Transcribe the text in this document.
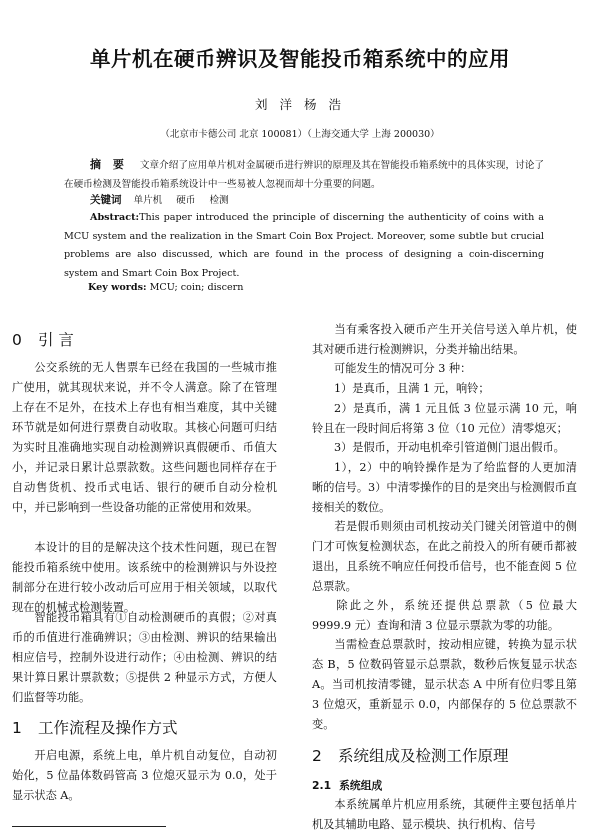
单片机在硬币辨识及智能投币箱系统中的应用
刘 洋 杨 浩
（北京市卡德公司 北京 100081）（上海交通大学 上海 200030）
摘 要 文章介绍了应用单片机对金属硬币进行辨识的原理及其在智能投币箱系统中的具体实现，讨论了在硬币检测及智能投币箱系统设计中一些易被人忽视而却十分重要的问题。
关键词 单片机 硬币 检测
Abstract:This paper introduced the principle of discerning the authenticity of coins with a MCU system and the realization in the Smart Coin Box Project. Moreover, some subtle but crucial problems are also discussed, which are found in the process of designing a coin-discerning system and Smart Coin Box Project.
Key words: MCU; coin; discern
0 引 言
公交系统的无人售票车已经在我国的一些城市推广使用，就其现状来说，并不令人满意。除了在管理上存在不足外，在技术上存也有相当难度，其中关键环节就是如何进行票费自动收取。其核心问题可归结为实时且准确地实现自动检测辨识真假硬币、币值大小，并记录日累计总票款数。这些问题也同样存在于自动售货机、投币式电话、银行的硬币自动分检机中，并已影响到一些设备功能的正常使用和效果。
本设计的目的是解决这个技术性问题，现已在智能投币箱系统中使用。该系统中的检测辨识与外设控制部分在进行较小改动后可应用于相关领域，以取代现在的机械式检测装置。
智能投币箱具有①自动检测硬币的真假；②对真币的币值进行准确辨识；③由检测、辨识的结果输出相应信号，控制外设进行动作；④由检测、辨识的结果计算日累计票款数；⑤提供 2 种显示方式，方便人们监督等功能。
1 工作流程及操作方式
开启电源，系统上电，单片机自动复位，自动初始化，5 位晶体数码管高 3 位熄灭显示为 0.0，处于显示状态 A。
当有乘客投入硬币产生开关信号送入单片机，使其对硬币进行检测辨识，分类并输出结果。
可能发生的情况可分 3 种：
1）是真币，且满 1 元，响铃；
2）是真币，满 1 元且低 3 位显示满 10 元，响铃且在一段时间后将第 3 位（10 元位）清零熄灭；
3）是假币，开动电机牵引管道侧门退出假币。
1），2）中的响铃操作是为了给监督的人更加清晰的信号。3）中清零操作的目的是突出与检测假币直接相关的数位。
若是假币则须由司机按动关门键关闭管道中的侧门才可恢复检测状态，在此之前投入的所有硬币都被退出，且系统不响应任何投币信号，也不能查阅 5 位总票款。
除此之外，系统还提供总票款（5 位最大 9999.9 元）查询和清 3 位显示票款为零的功能。
当需检查总票款时，按动相应键，转换为显示状态 B，5 位数码管显示总票款，数秒后恢复显示状态 A。当司机按清零键，显示状态 A 中所有位归零且第 3 位熄灭，重新显示 0.0，内部保存的 5 位总票款不变。
2 系统组成及检测工作原理
2.1 系统组成
本系统属单片机应用系统，其硬件主要包括单片机及其辅助电路、显示模块、执行机构、信号
